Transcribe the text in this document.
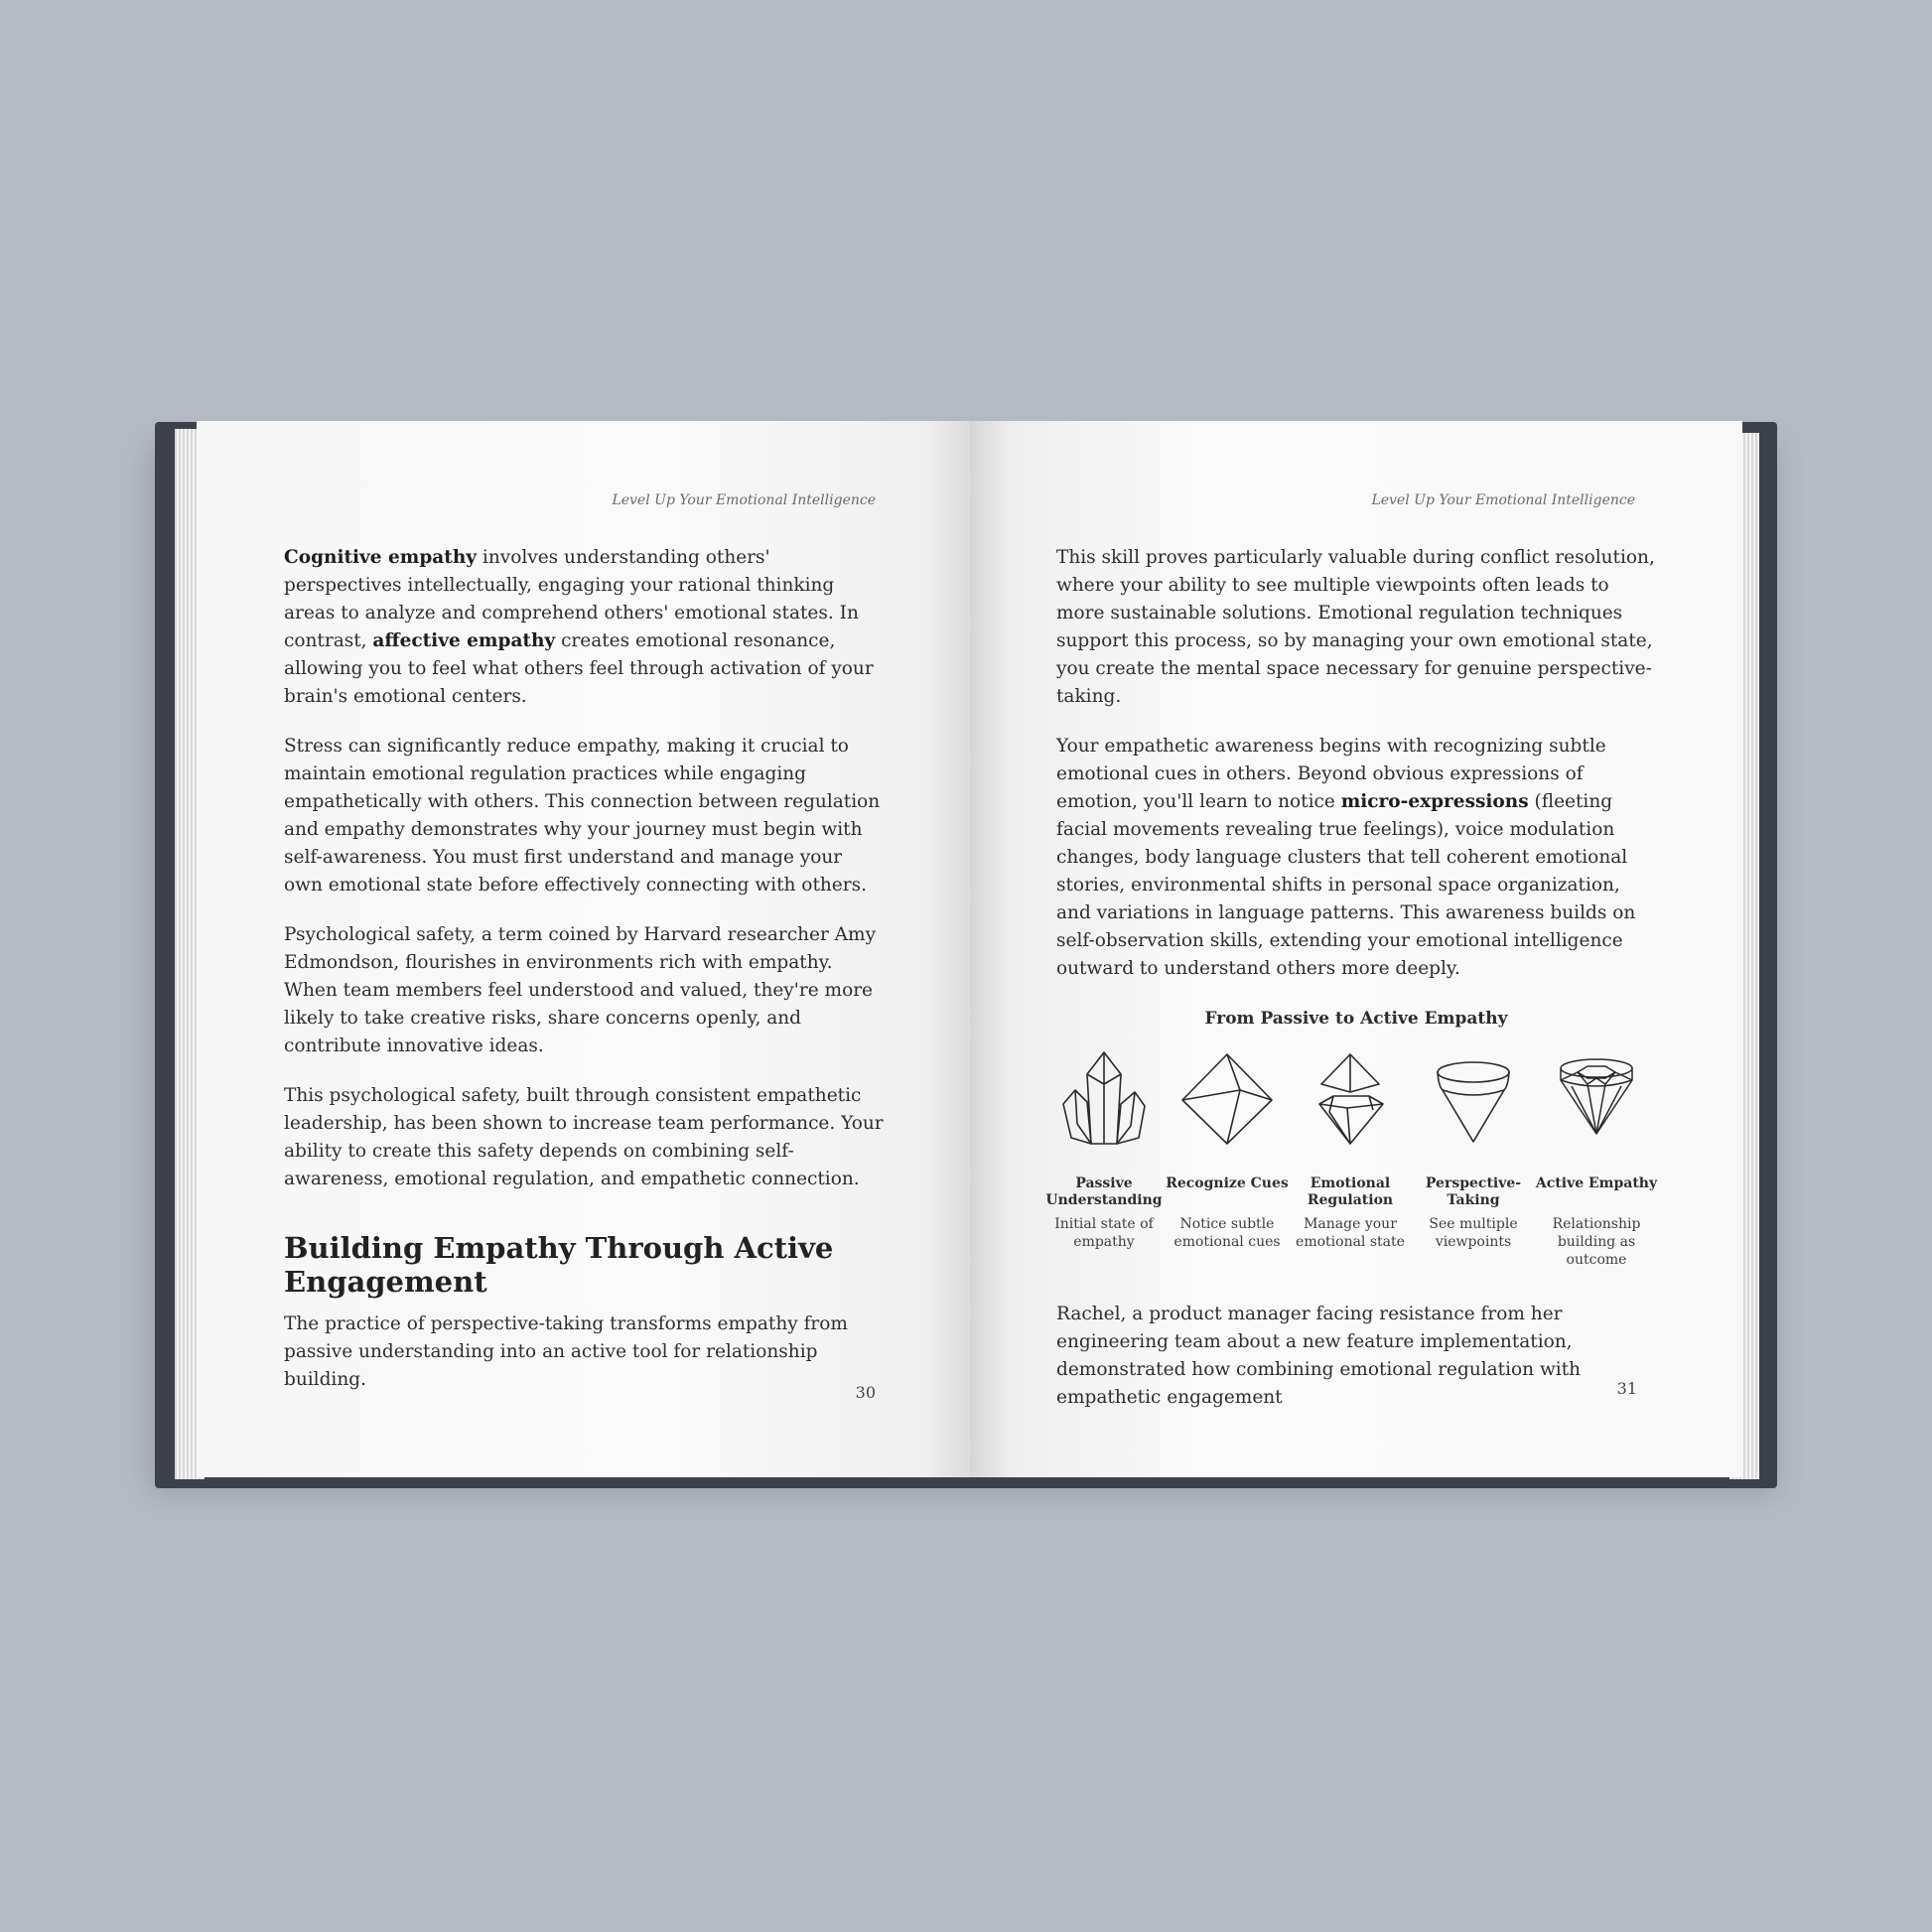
Level Up Your Emotional Intelligence

Cognitive empathy involves understanding others' perspectives intellectually, engaging your rational thinking areas to analyze and comprehend others' emotional states. In contrast, affective empathy creates emotional resonance, allowing you to feel what others feel through activation of your brain's emotional centers.

Stress can significantly reduce empathy, making it crucial to maintain emotional regulation practices while engaging empathetically with others. This connection between regulation and empathy demonstrates why your journey must begin with self-awareness. You must first understand and manage your own emotional state before effectively connecting with others.

Psychological safety, a term coined by Harvard researcher Amy Edmondson, flourishes in environments rich with empathy. When team members feel understood and valued, they're more likely to take creative risks, share concerns openly, and contribute innovative ideas.

This psychological safety, built through consistent empathetic leadership, has been shown to increase team performance. Your ability to create this safety depends on combining self-awareness, emotional regulation, and empathetic connection.

Building Empathy Through Active Engagement

The practice of perspective-taking transforms empathy from passive understanding into an active tool for relationship building.

30
Level Up Your Emotional Intelligence

This skill proves particularly valuable during conflict resolution, where your ability to see multiple viewpoints often leads to more sustainable solutions. Emotional regulation techniques support this process, so by managing your own emotional state, you create the mental space necessary for genuine perspective-taking.

Your empathetic awareness begins with recognizing subtle emotional cues in others. Beyond obvious expressions of emotion, you'll learn to notice micro-expressions (fleeting facial movements revealing true feelings), voice modulation changes, body language clusters that tell coherent emotional stories, environmental shifts in personal space organization, and variations in language patterns. This awareness builds on self-observation skills, extending your emotional intelligence outward to understand others more deeply.

From Passive to Active Empathy
Passive Understanding
Initial state of empathy
Recognize Cues
Notice subtle emotional cues
Emotional Regulation
Manage your emotional state
Perspective-Taking
See multiple viewpoints
Active Empathy
Relationship building as outcome

Rachel, a product manager facing resistance from her engineering team about a new feature implementation, demonstrated how combining emotional regulation with empathetic engagement	31
